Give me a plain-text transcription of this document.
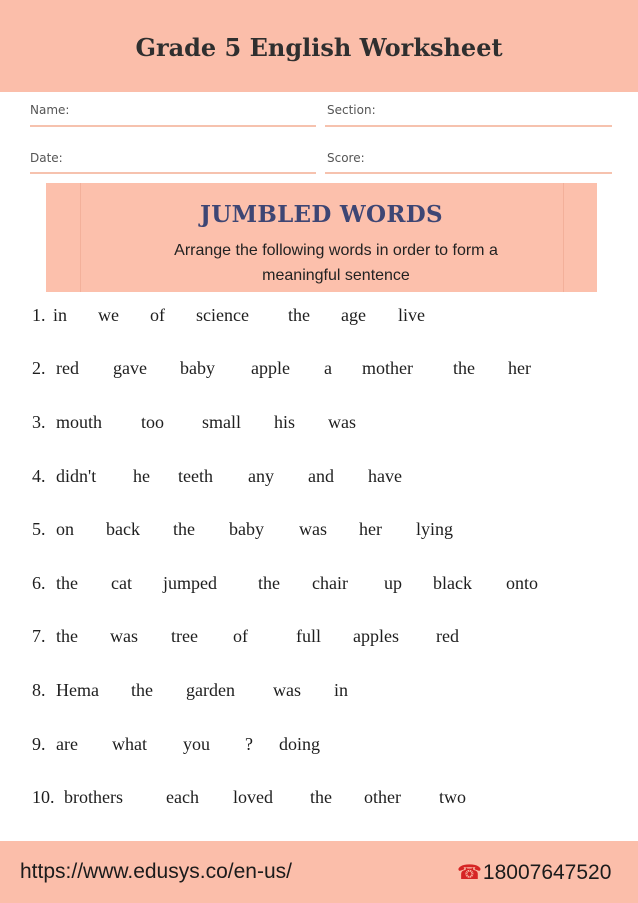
Grade 5 English Worksheet
Name:	Section:
Date:	Score:
JUMBLED WORDS
Arrange the following words in order to form a meaningful sentence
1. in we of science the age live
2. red gave baby apple a mother the her
3. mouth too small his was
4. didn't he teeth any and have
5. on back the baby was her lying
6. the cat jumped the chair up black onto
7. the was tree of	full apples red
8. Hema the garden was in
9. are what you ? doing
10. brothers each loved the other two
https://www.edusys.co/en-us/	☎18007647520
